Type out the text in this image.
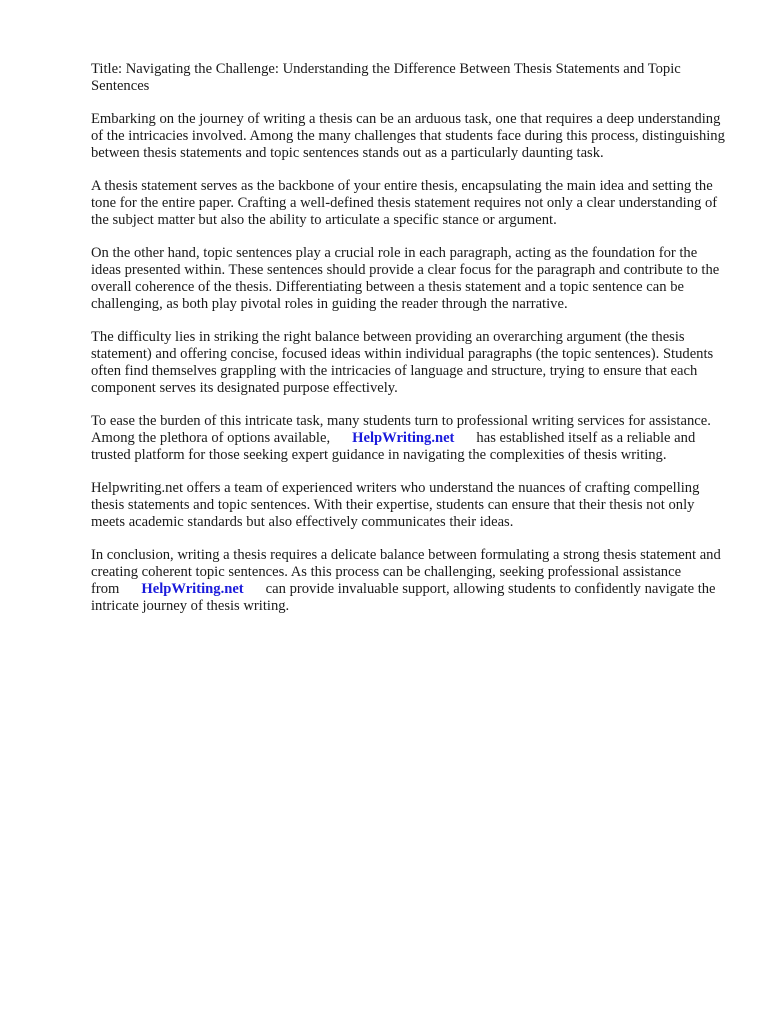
Title: Navigating the Challenge: Understanding the Difference Between Thesis Statements and Topic Sentences

Embarking on the journey of writing a thesis can be an arduous task, one that requires a deep understanding of the intricacies involved. Among the many challenges that students face during this process, distinguishing between thesis statements and topic sentences stands out as a particularly daunting task.

A thesis statement serves as the backbone of your entire thesis, encapsulating the main idea and setting the tone for the entire paper. Crafting a well-defined thesis statement requires not only a clear understanding of the subject matter but also the ability to articulate a specific stance or argument.

On the other hand, topic sentences play a crucial role in each paragraph, acting as the foundation for the ideas presented within. These sentences should provide a clear focus for the paragraph and contribute to the overall coherence of the thesis. Differentiating between a thesis statement and a topic sentence can be challenging, as both play pivotal roles in guiding the reader through the narrative.

The difficulty lies in striking the right balance between providing an overarching argument (the thesis statement) and offering concise, focused ideas within individual paragraphs (the topic sentences). Students often find themselves grappling with the intricacies of language and structure, trying to ensure that each component serves its designated purpose effectively.

To ease the burden of this intricate task, many students turn to professional writing services for assistance. Among the plethora of options available, HelpWriting.net has established itself as a reliable and trusted platform for those seeking expert guidance in navigating the complexities of thesis writing.

Helpwriting.net offers a team of experienced writers who understand the nuances of crafting compelling thesis statements and topic sentences. With their expertise, students can ensure that their thesis not only meets academic standards but also effectively communicates their ideas.

In conclusion, writing a thesis requires a delicate balance between formulating a strong thesis statement and creating coherent topic sentences. As this process can be challenging, seeking professional assistance from HelpWriting.net can provide invaluable support, allowing students to confidently navigate the intricate journey of thesis writing.
